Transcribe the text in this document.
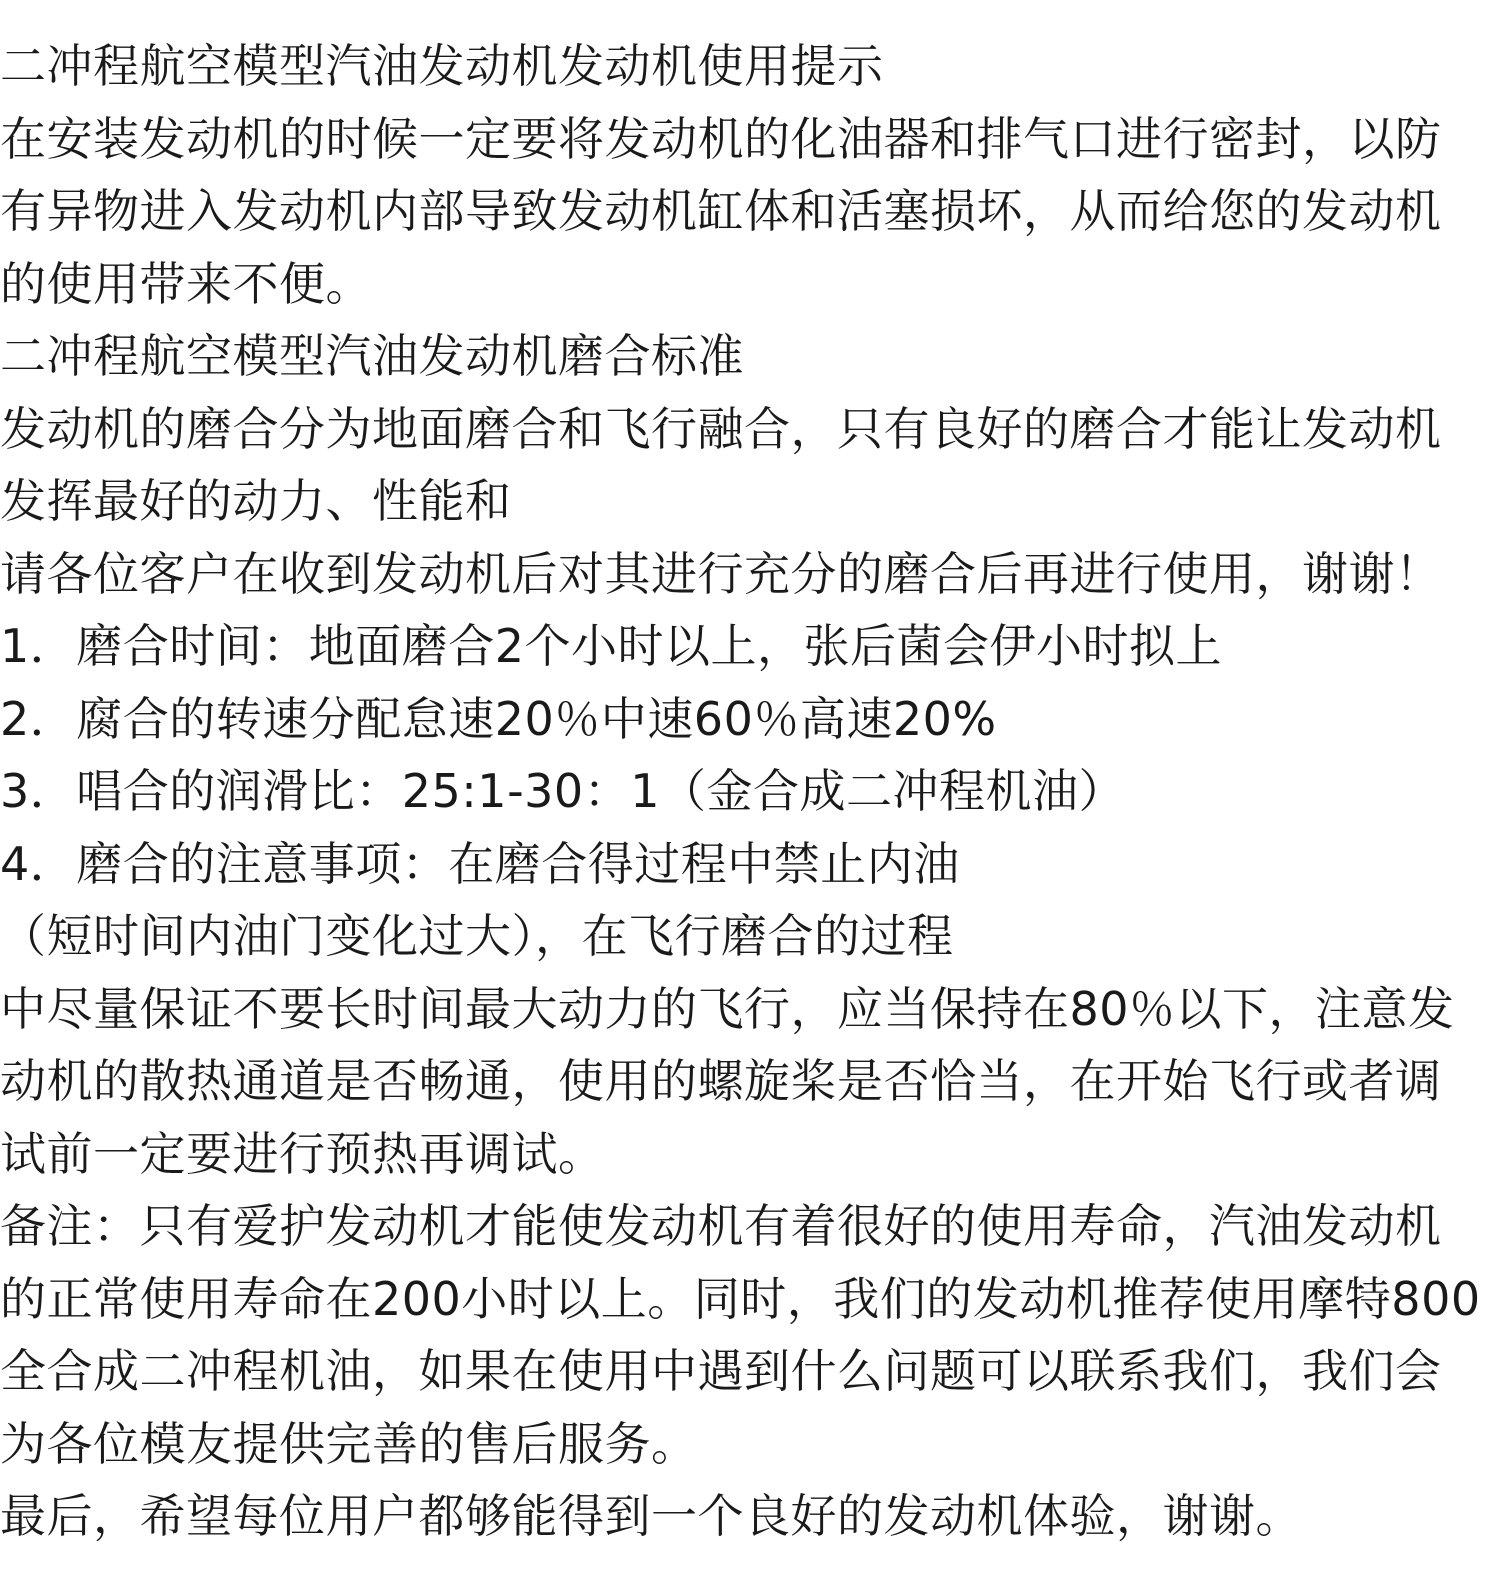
二冲程航空模型汽油发动机发动机使用提示
在安装发动机的时候一定要将发动机的化油器和排气口进行密封，以防
有异物进入发动机内部导致发动机缸体和活塞损坏，从而给您的发动机
的使用带来不便。
二冲程航空模型汽油发动机磨合标准
发动机的磨合分为地面磨合和飞行融合，只有良好的磨合才能让发动机
发挥最好的动力、性能和
请各位客户在收到发动机后对其进行充分的磨合后再进行使用，谢谢！
1．磨合时间：地面磨合2个小时以上，张后菌会伊小时拟上
2．腐合的转速分配怠速20％中速60％高速20%
3．唱合的润滑比：25:1-30：1（金合成二冲程机油）
4．磨合的注意事项：在磨合得过程中禁止内油
（短时间内油门变化过大），在飞行磨合的过程
中尽量保证不要长时间最大动力的飞行，应当保持在80％以下，注意发
动机的散热通道是否畅通，使用的螺旋桨是否恰当，在开始飞行或者调
试前一定要进行预热再调试。
备注：只有爱护发动机才能使发动机有着很好的使用寿命，汽油发动机
的正常使用寿命在200小时以上。同时，我们的发动机推荐使用摩特800
全合成二冲程机油，如果在使用中遇到什么问题可以联系我们，我们会
为各位模友提供完善的售后服务。
最后，希望每位用户都够能得到一个良好的发动机体验，谢谢。
